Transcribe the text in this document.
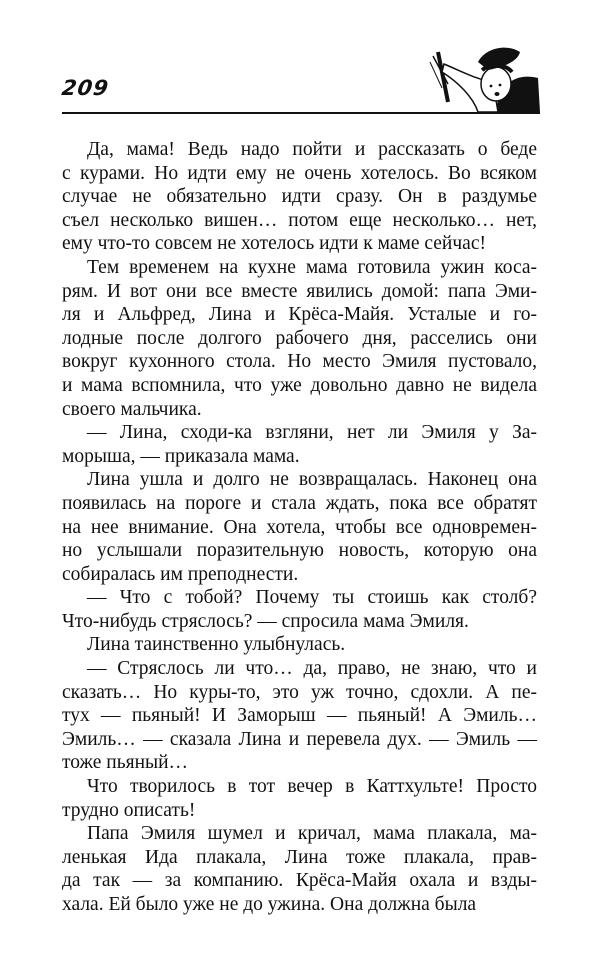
209
Да, мама! Ведь надо пойти и рассказать о беде
с курами. Но идти ему не очень хотелось. Во всяком
случае не обязательно идти сразу. Он в раздумье
съел несколько вишен… потом еще несколько… нет,
ему что-то совсем не хотелось идти к маме сейчас!
Тем временем на кухне мама готовила ужин коса-
рям. И вот они все вместе явились домой: папа Эми-
ля и Альфред, Лина и Крёса-Майя. Усталые и го-
лодные после долгого рабочего дня, расселись они
вокруг кухонного стола. Но место Эмиля пустовало,
и мама вспомнила, что уже довольно давно не видела
своего мальчика.
— Лина, сходи-ка взгляни, нет ли Эмиля у За-
морыша, — приказала мама.
Лина ушла и долго не возвращалась. Наконец она
появилась на пороге и стала ждать, пока все обратят
на нее внимание. Она хотела, чтобы все одновремен-
но услышали поразительную новость, которую она
собиралась им преподнести.
— Что с тобой? Почему ты стоишь как столб?
Что-нибудь стряслось? — спросила мама Эмиля.
Лина таинственно улыбнулась.
— Стряслось ли что… да, право, не знаю, что и
сказать… Но куры-то, это уж точно, сдохли. А пе-
тух — пьяный! И Заморыш — пьяный! А Эмиль…
Эмиль… — сказала Лина и перевела дух. — Эмиль —
тоже пьяный…
Что творилось в тот вечер в Каттхульте! Просто
трудно описать!
Папа Эмиля шумел и кричал, мама плакала, ма-
ленькая Ида плакала, Лина тоже плакала, прав-
да так — за компанию. Крёса-Майя охала и взды-
хала. Ей было уже не до ужина. Она должна была
